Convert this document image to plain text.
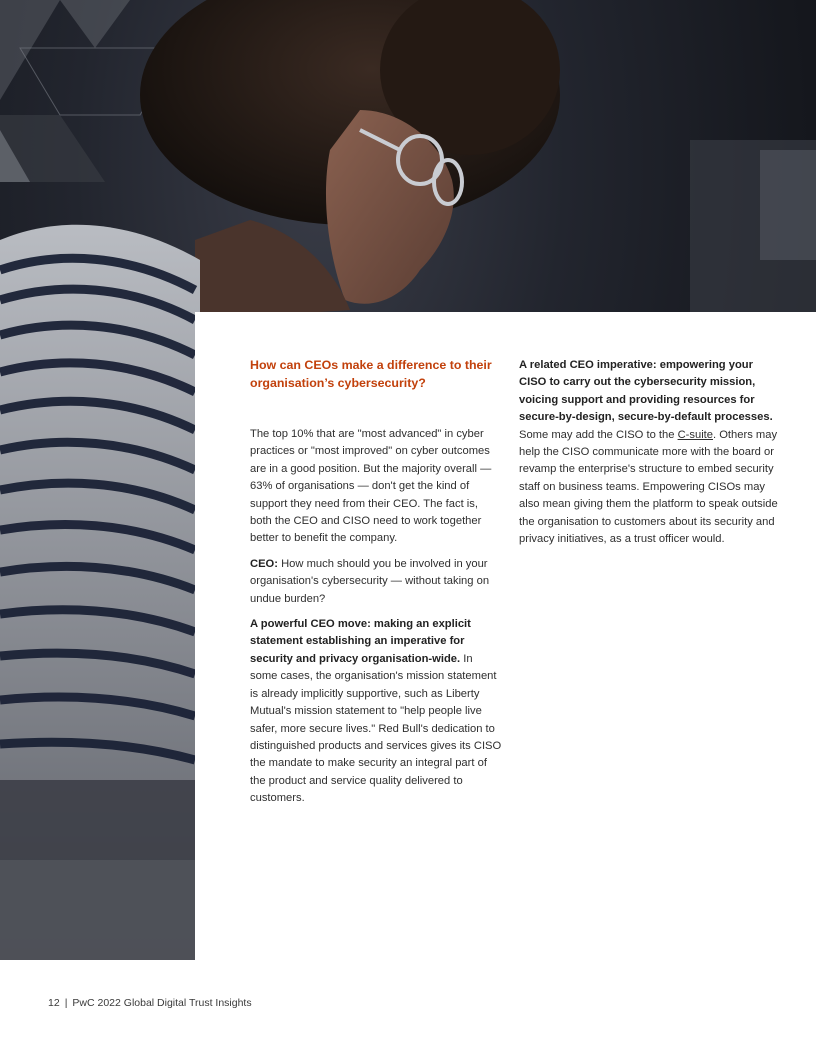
How can CEOs make a difference to their organisation’s cybersecurity?

The top 10% that are "most advanced" in cyber practices or "most improved" on cyber outcomes are in a good position. But the majority overall — 63% of organisations — don't get the kind of support they need from their CEO. The fact is, both the CEO and CISO need to work together better to benefit the company.

CEO: How much should you be involved in your organisation's cybersecurity — without taking on undue burden?

A powerful CEO move: making an explicit statement establishing an imperative for security and privacy organisation-wide. In some cases, the organisation's mission statement is already implicitly supportive, such as Liberty Mutual's mission statement to "help people live safer, more secure lives." Red Bull's dedication to distinguished products and services gives its CISO the mandate to make security an integral part of the product and service quality delivered to customers.

A related CEO imperative: empowering your CISO to carry out the cybersecurity mission, voicing support and providing resources for secure-by-design, secure-by-default processes. Some may add the CISO to the C-suite. Others may help the CISO communicate more with the board or revamp the enterprise's structure to embed security staff on business teams. Empowering CISOs may also mean giving them the platform to speak outside the organisation to customers about its security and privacy initiatives, as a trust officer would.

12 | PwC 2022 Global Digital Trust Insights
